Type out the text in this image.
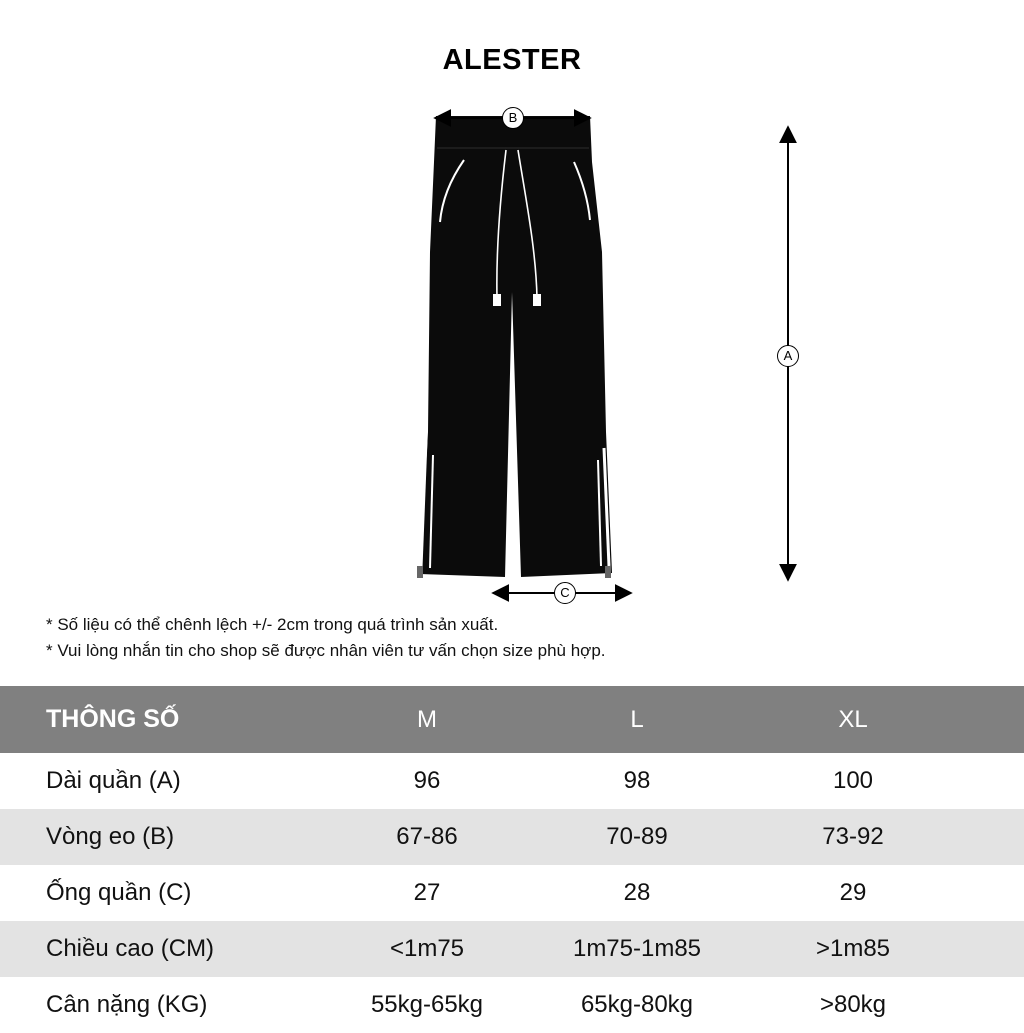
ALESTER
B
C
A
* Số liệu có thể chênh lệch +/- 2cm trong quá trình sản xuất.
* Vui lòng nhắn tin cho shop sẽ được nhân viên tư vấn chọn size phù hợp.
THÔNG SỐ	M	L	XL
Dài quần (A)	96	98	100
Vòng eo (B)	67-86	70-89	73-92
Ống quần (C)	27	28	29
Chiều cao (CM)	<1m75	1m75-1m85	>1m85
Cân nặng (KG)	55kg-65kg	65kg-80kg	>80kg
